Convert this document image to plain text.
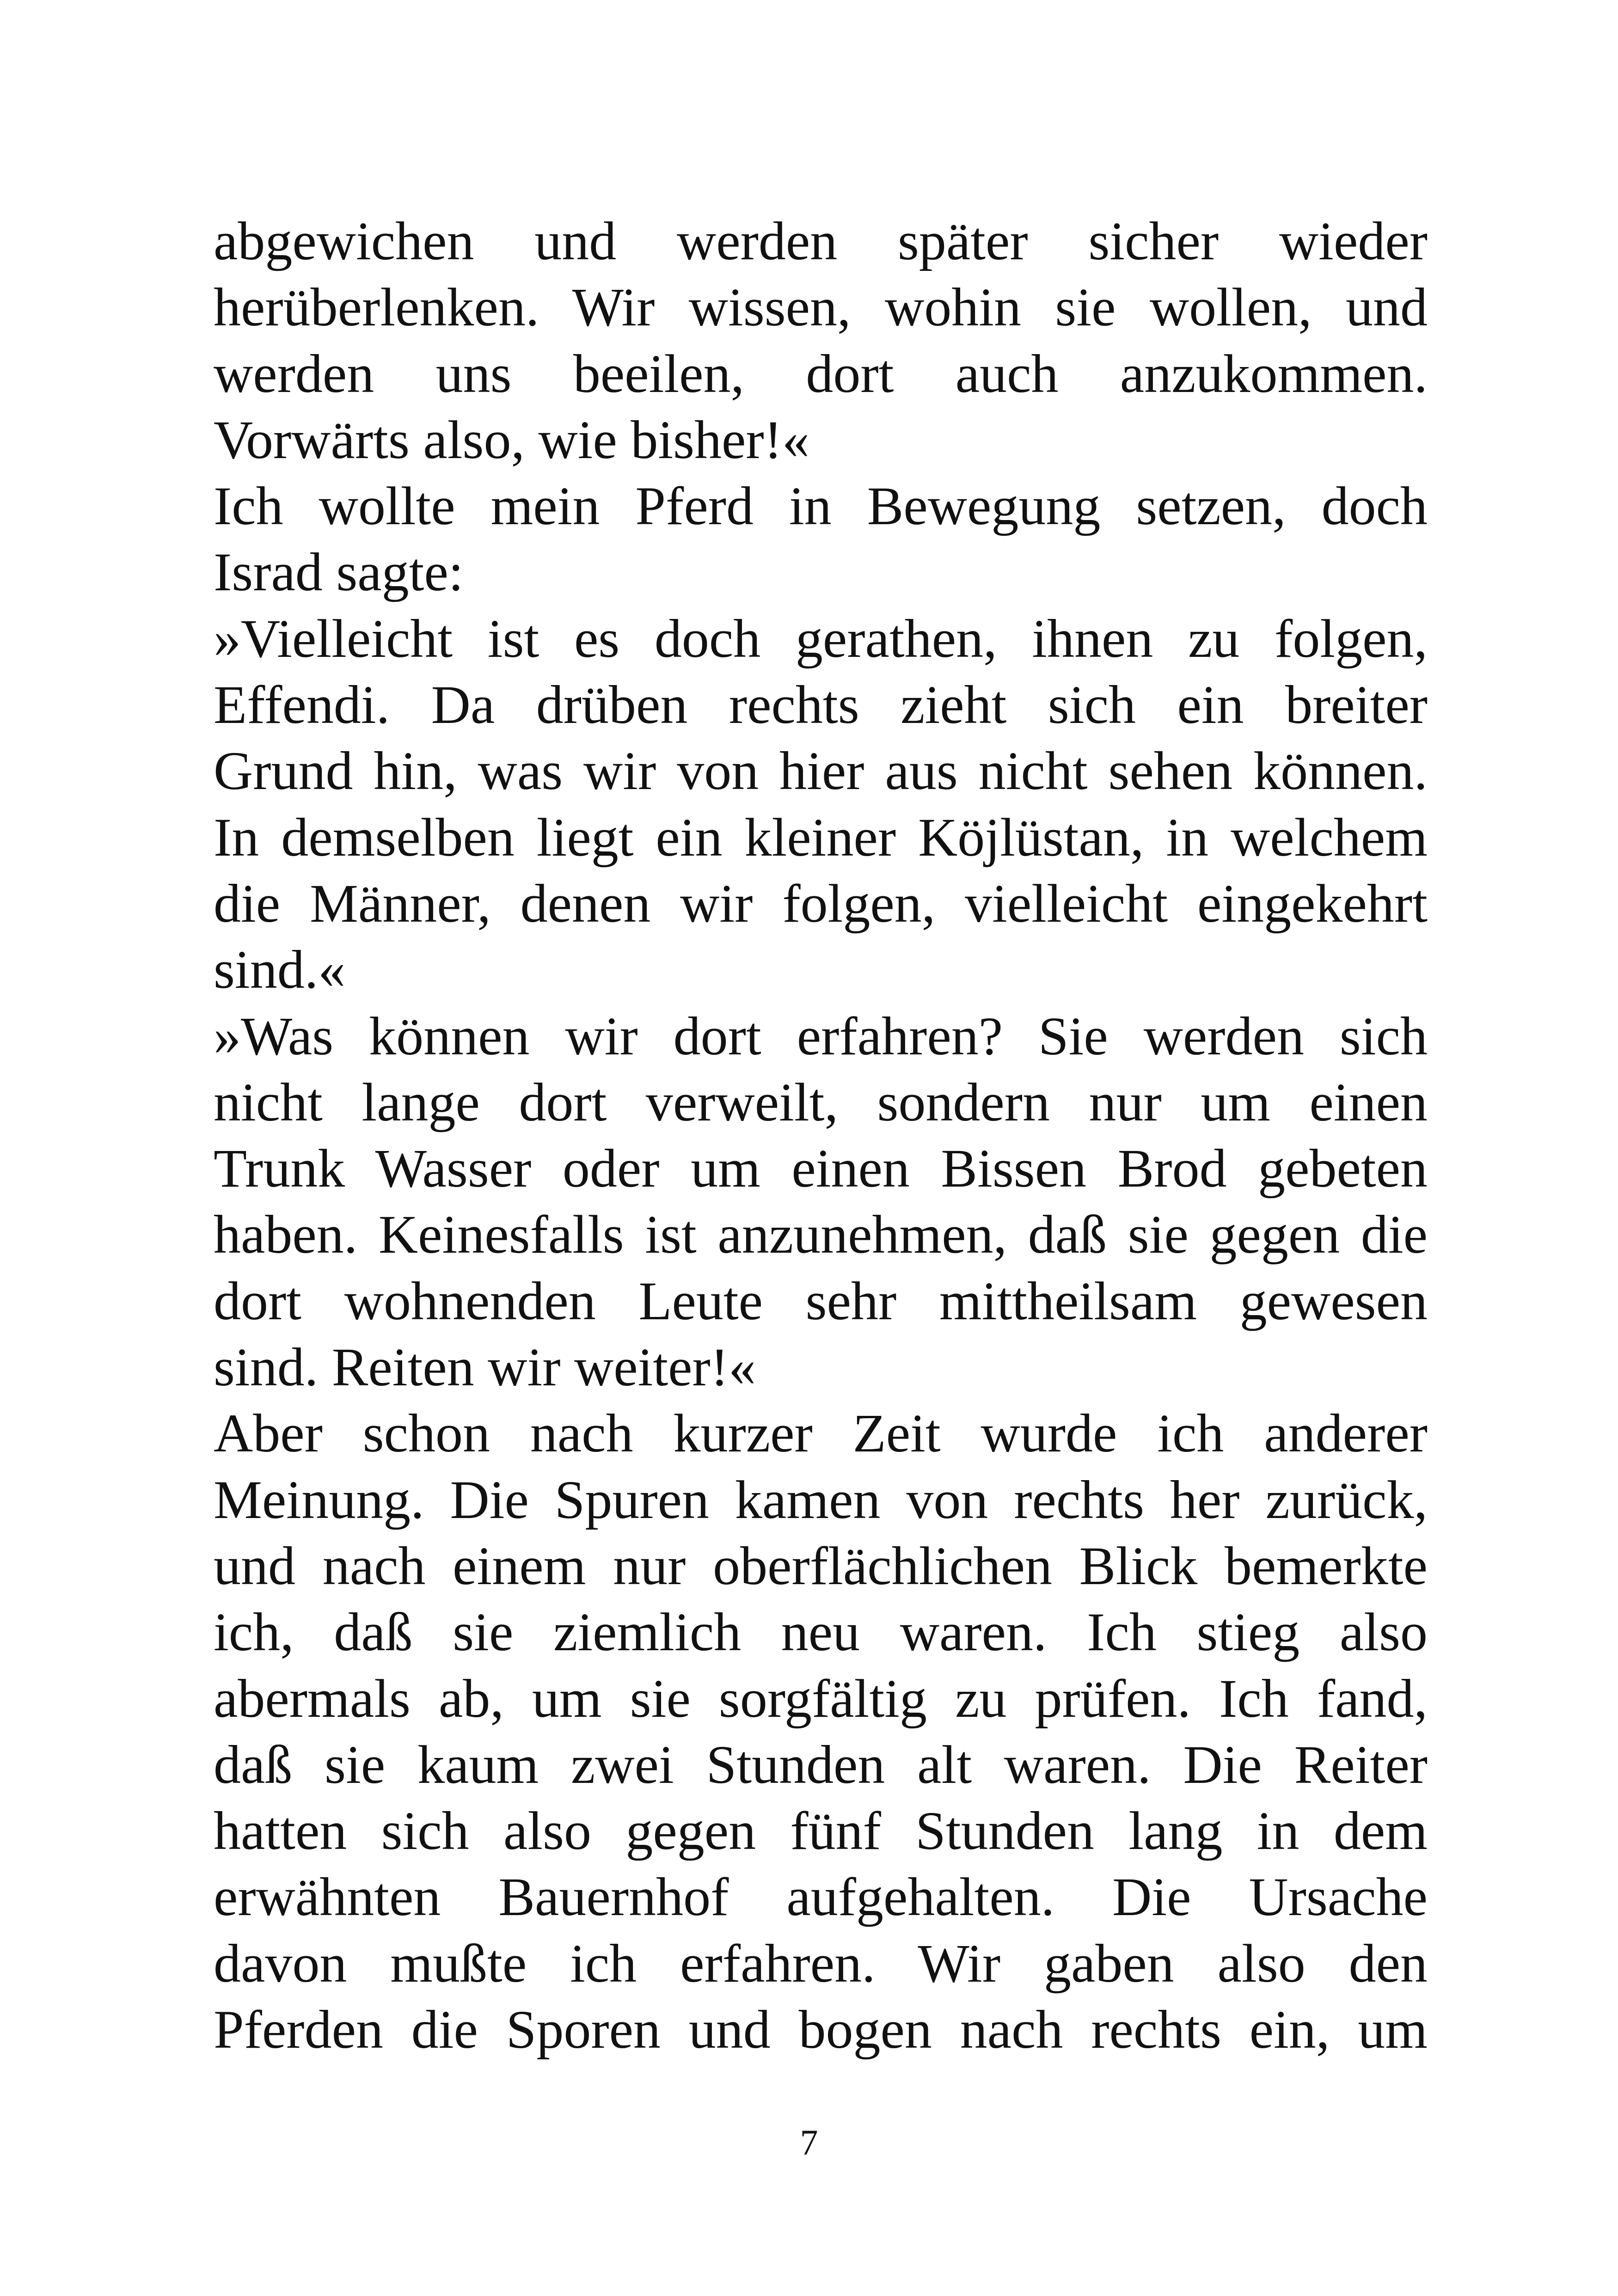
abgewichen und werden später sicher wieder
herüberlenken. Wir wissen, wohin sie wollen, und
werden uns beeilen, dort auch anzukommen.
Vorwärts also, wie bisher!«
Ich wollte mein Pferd in Bewegung setzen, doch
Israd sagte:
»Vielleicht ist es doch gerathen, ihnen zu folgen,
Effendi. Da drüben rechts zieht sich ein breiter
Grund hin, was wir von hier aus nicht sehen können.
In demselben liegt ein kleiner Köjlüstan, in welchem
die Männer, denen wir folgen, vielleicht eingekehrt
sind.«
»Was können wir dort erfahren? Sie werden sich
nicht lange dort verweilt, sondern nur um einen
Trunk Wasser oder um einen Bissen Brod gebeten
haben. Keinesfalls ist anzunehmen, daß sie gegen die
dort wohnenden Leute sehr mittheilsam gewesen
sind. Reiten wir weiter!«
Aber schon nach kurzer Zeit wurde ich anderer
Meinung. Die Spuren kamen von rechts her zurück,
und nach einem nur oberflächlichen Blick bemerkte
ich, daß sie ziemlich neu waren. Ich stieg also
abermals ab, um sie sorgfältig zu prüfen. Ich fand,
daß sie kaum zwei Stunden alt waren. Die Reiter
hatten sich also gegen fünf Stunden lang in dem
erwähnten Bauernhof aufgehalten. Die Ursache
davon mußte ich erfahren. Wir gaben also den
Pferden die Sporen und bogen nach rechts ein, um
7
